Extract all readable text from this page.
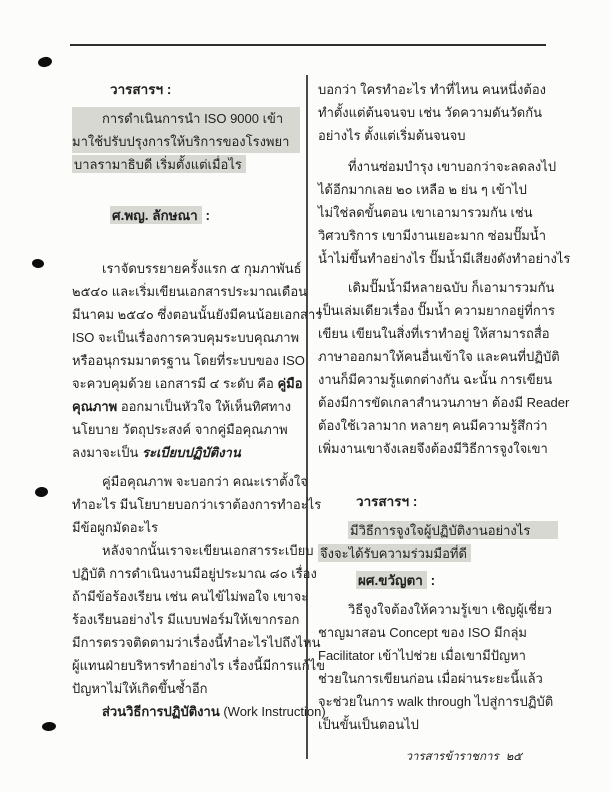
วารสารฯ :
การดำเนินการนำ ISO 9000 เข้า
มาใช้ปรับปรุงการให้บริการของโรงพยา
บาลรามาธิบดี เริ่มตั้งแต่เมื่อไร
ศ.พญ. ลักษณา :
เราจัดบรรยายครั้งแรก ๕ กุมภาพันธ์
๒๕๔๐ และเริ่มเขียนเอกสารประมาณเดือน
มีนาคม ๒๕๔๐ ซึ่งตอนนั้นยังมีคนน้อยเอกสาร
ISO จะเป็นเรื่องการควบคุมระบบคุณภาพ
หรืออนุกรมมาตรฐาน โดยที่ระบบของ ISO
จะควบคุมด้วย เอกสารมี ๔ ระดับ คือ คู่มือ
คุณภาพ ออกมาเป็นหัวใจ ให้เห็นทิศทาง
นโยบาย วัตถุประสงค์ จากคู่มือคุณภาพ
ลงมาจะเป็น ระเบียบปฏิบัติงาน
คู่มือคุณภาพ จะบอกว่า คณะเราตั้งใจ
ทำอะไร มีนโยบายบอกว่าเราต้องการทำอะไร
มีข้อผูกมัดอะไร
หลังจากนั้นเราจะเขียนเอกสารระเบียบ
ปฏิบัติ การดำเนินงานมีอยู่ประมาณ ๘๐ เรื่อง
ถ้ามีข้อร้องเรียน เช่น คนไข้ไม่พอใจ เขาจะ
ร้องเรียนอย่างไร มีแบบฟอร์มให้เขากรอก
มีการตรวจติดตามว่าเรื่องนี้ทำอะไรไปถึงไหน
ผู้แทนฝ่ายบริหารทำอย่างไร เรื่องนี้มีการแก้ไข
ปัญหาไม่ให้เกิดขึ้นซ้ำอีก
ส่วนวิธีการปฏิบัติงาน (Work Instruction)
บอกว่า ใครทำอะไร ทำที่ไหน คนหนึ่งต้อง
ทำตั้งแต่ต้นจนจบ เช่น วัดความดันวัดกัน
อย่างไร ตั้งแต่เริ่มต้นจนจบ
ที่งานซ่อมบำรุง เขาบอกว่าจะลดลงไป
ได้อีกมากเลย ๒๐ เหลือ ๒ ย่น ๆ เข้าไป
ไม่ใช่ลดขั้นตอน เขาเอามารวมกัน เช่น
วิศวบริการ เขามีงานเยอะมาก ซ่อมปั๊มน้ำ
น้ำไม่ขึ้นทำอย่างไร ปั๊มน้ำมีเสียงดังทำอย่างไร
เดิมปั๊มน้ำมีหลายฉบับ ก็เอามารวมกัน
เป็นเล่มเดียวเรื่อง ปั๊มน้ำ ความยากอยู่ที่การ
เขียน เขียนในสิ่งที่เราทำอยู่ ให้สามารถสื่อ
ภาษาออกมาให้คนอื่นเข้าใจ และคนที่ปฏิบัติ
งานก็มีความรู้แตกต่างกัน ฉะนั้น การเขียน
ต้องมีการขัดเกลาสำนวนภาษา ต้องมี Reader
ต้องใช้เวลามาก หลายๆ คนมีความรู้สึกว่า
เพิ่มงานเขาจังเลยจึงต้องมีวิธีการจูงใจเขา
วารสารฯ :
มีวิธีการจูงใจผู้ปฏิบัติงานอย่างไร
จึงจะได้รับความร่วมมือที่ดี
ผศ.ขวัญตา :
วิธีจูงใจต้องให้ความรู้เขา เชิญผู้เชี่ยว
ชาญมาสอน Concept ของ ISO มีกลุ่ม
Facilitator เข้าไปช่วย เมื่อเขามีปัญหา
ช่วยในการเขียนก่อน เมื่อผ่านระยะนี้แล้ว
จะช่วยในการ walk through ไปสู่การปฏิบัติ
เป็นขั้นเป็นตอนไป
วารสารข้าราชการ ๒๕
